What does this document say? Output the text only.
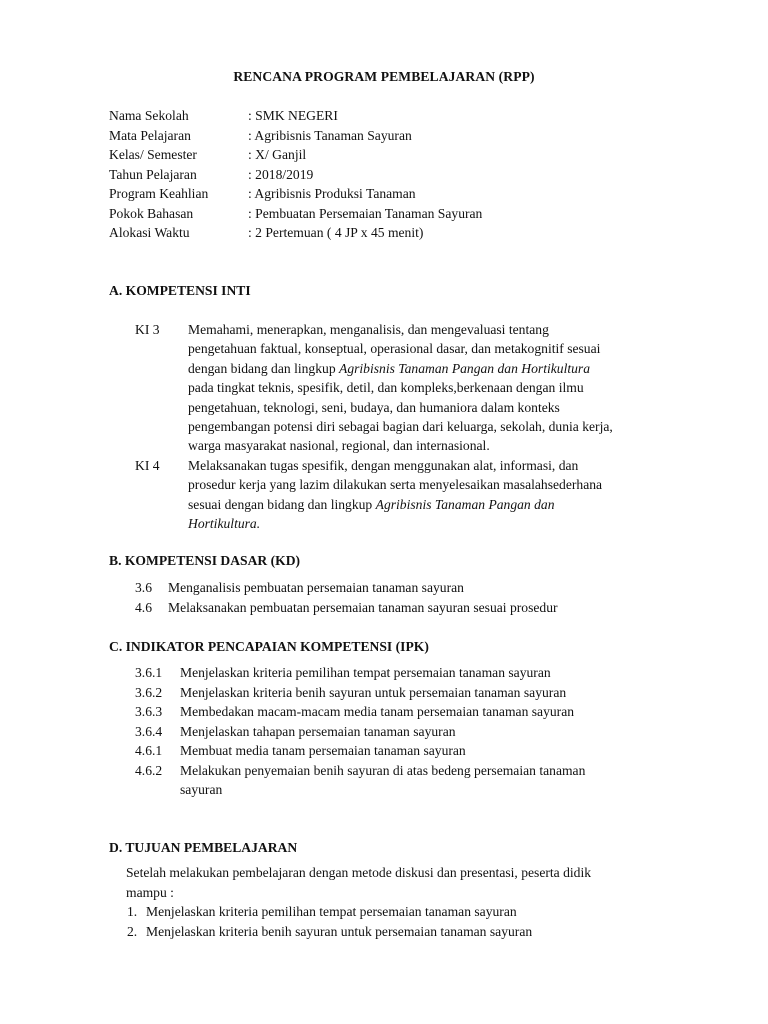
RENCANA PROGRAM PEMBELAJARAN (RPP)
Nama Sekolah	: SMK NEGERI
Mata Pelajaran	: Agribisnis Tanaman Sayuran
Kelas/ Semester	: X/ Ganjil
Tahun Pelajaran	: 2018/2019
Program Keahlian	: Agribisnis Produksi Tanaman
Pokok Bahasan	: Pembuatan Persemaian Tanaman Sayuran
Alokasi Waktu	: 2 Pertemuan ( 4 JP x 45 menit)
A. KOMPETENSI INTI
KI 3 Memahami, menerapkan, menganalisis, dan mengevaluasi tentang
pengetahuan faktual, konseptual, operasional dasar, dan metakognitif sesuai
dengan bidang dan lingkup Agribisnis Tanaman Pangan dan Hortikultura
pada tingkat teknis, spesifik, detil, dan kompleks,berkenaan dengan ilmu
pengetahuan, teknologi, seni, budaya, dan humaniora dalam konteks
pengembangan potensi diri sebagai bagian dari keluarga, sekolah, dunia kerja,
warga masyarakat nasional, regional, dan internasional.
KI 4 Melaksanakan tugas spesifik, dengan menggunakan alat, informasi, dan
prosedur kerja yang lazim dilakukan serta menyelesaikan masalahsederhana
sesuai dengan bidang dan lingkup Agribisnis Tanaman Pangan dan
Hortikultura.
B. KOMPETENSI DASAR (KD)
3.6 Menganalisis pembuatan persemaian tanaman sayuran
4.6 Melaksanakan pembuatan persemaian tanaman sayuran sesuai prosedur
C. INDIKATOR PENCAPAIAN KOMPETENSI (IPK)
3.6.1 Menjelaskan kriteria pemilihan tempat persemaian tanaman sayuran
3.6.2 Menjelaskan kriteria benih sayuran untuk persemaian tanaman sayuran
3.6.3 Membedakan macam-macam media tanam persemaian tanaman sayuran
3.6.4 Menjelaskan tahapan persemaian tanaman sayuran
4.6.1 Membuat media tanam persemaian tanaman sayuran
4.6.2 Melakukan penyemaian benih sayuran di atas bedeng persemaian tanaman
sayuran
D. TUJUAN PEMBELAJARAN
Setelah melakukan pembelajaran dengan metode diskusi dan presentasi, peserta didik
mampu :
1. Menjelaskan kriteria pemilihan tempat persemaian tanaman sayuran
2. Menjelaskan kriteria benih sayuran untuk persemaian tanaman sayuran
